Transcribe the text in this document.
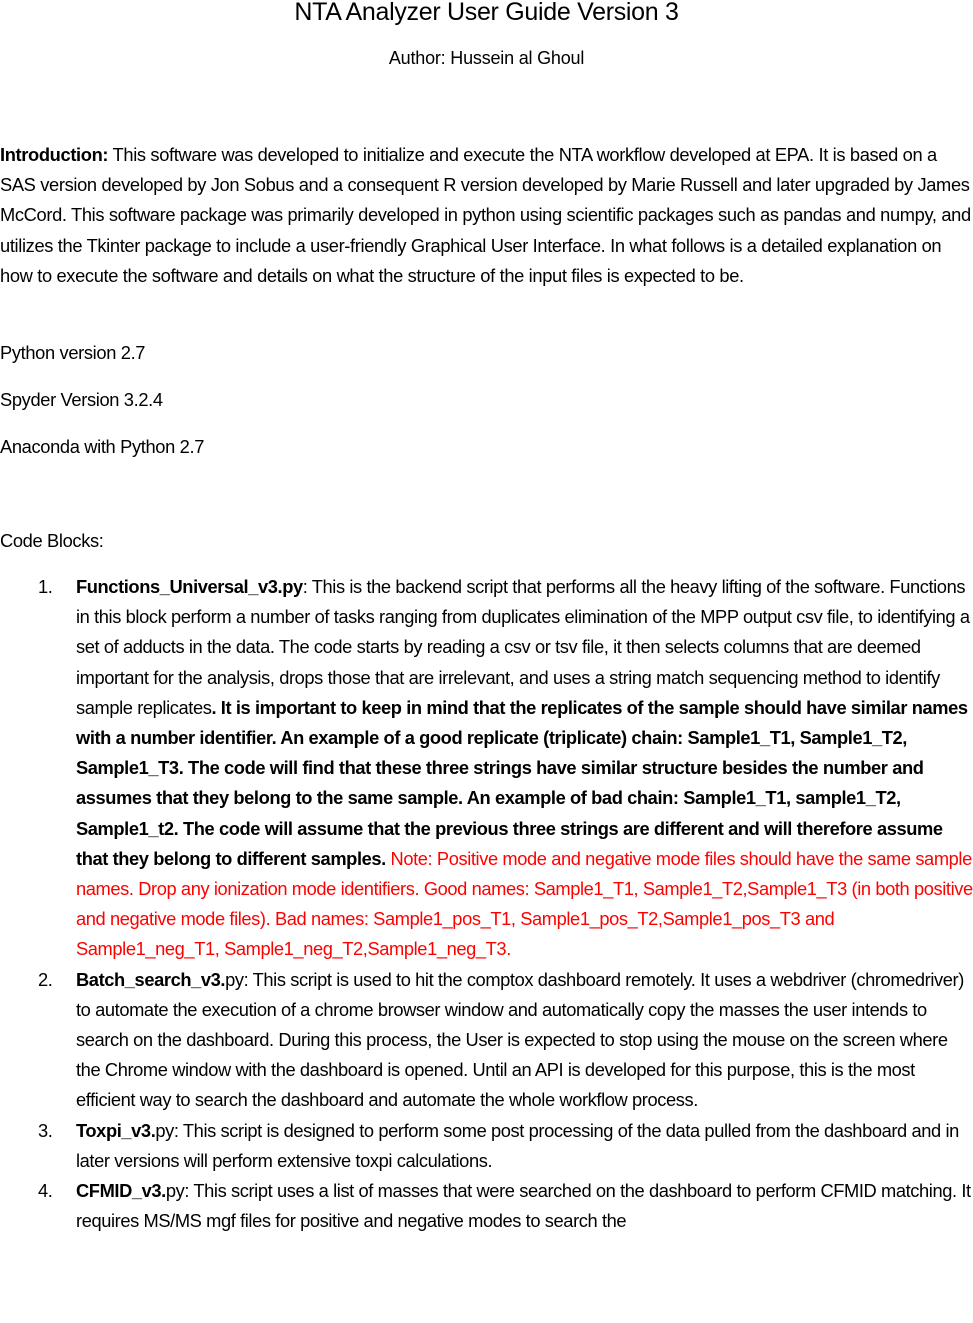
NTA Analyzer User Guide Version 3
Author: Hussein al Ghoul

Introduction: This software was developed to initialize and execute the NTA workflow developed at EPA. It is based on a SAS version developed by Jon Sobus and a consequent R version developed by Marie Russell and later upgraded by James McCord. This software package was primarily developed in python using scientific packages such as pandas and numpy, and utilizes the Tkinter package to include a user-friendly Graphical User Interface. In what follows is a detailed explanation on how to execute the software and details on what the structure of the input files is expected to be.

Python version 2.7
Spyder Version 3.2.4
Anaconda with Python 2.7
Code Blocks:
1. Functions_Universal_v3.py: This is the backend script that performs all the heavy lifting of the software. Functions in this block perform a number of tasks ranging from duplicates elimination of the MPP output csv file, to identifying a set of adducts in the data. The code starts by reading a csv or tsv file, it then selects columns that are deemed important for the analysis, drops those that are irrelevant, and uses a string match sequencing method to identify sample replicates. It is important to keep in mind that the replicates of the sample should have similar names with a number identifier. An example of a good replicate (triplicate) chain: Sample1_T1, Sample1_T2, Sample1_T3. The code will find that these three strings have similar structure besides the number and assumes that they belong to the same sample. An example of bad chain: Sample1_T1, sample1_T2, Sample1_t2. The code will assume that the previous three strings are different and will therefore assume that they belong to different samples. Note: Positive mode and negative mode files should have the same sample names. Drop any ionization mode identifiers. Good names: Sample1_T1, Sample1_T2,Sample1_T3 (in both positive and negative mode files). Bad names: Sample1_pos_T1, Sample1_pos_T2,Sample1_pos_T3 and Sample1_neg_T1, Sample1_neg_T2,Sample1_neg_T3.
2. Batch_search_v3.py: This script is used to hit the comptox dashboard remotely. It uses a webdriver (chromedriver) to automate the execution of a chrome browser window and automatically copy the masses the user intends to search on the dashboard. During this process, the User is expected to stop using the mouse on the screen where the Chrome window with the dashboard is opened. Until an API is developed for this purpose, this is the most efficient way to search the dashboard and automate the whole workflow process.
3. Toxpi_v3.py: This script is designed to perform some post processing of the data pulled from the dashboard and in later versions will perform extensive toxpi calculations.
4. CFMID_v3.py: This script uses a list of masses that were searched on the dashboard to perform CFMID matching. It requires MS/MS mgf files for positive and negative modes to search the
